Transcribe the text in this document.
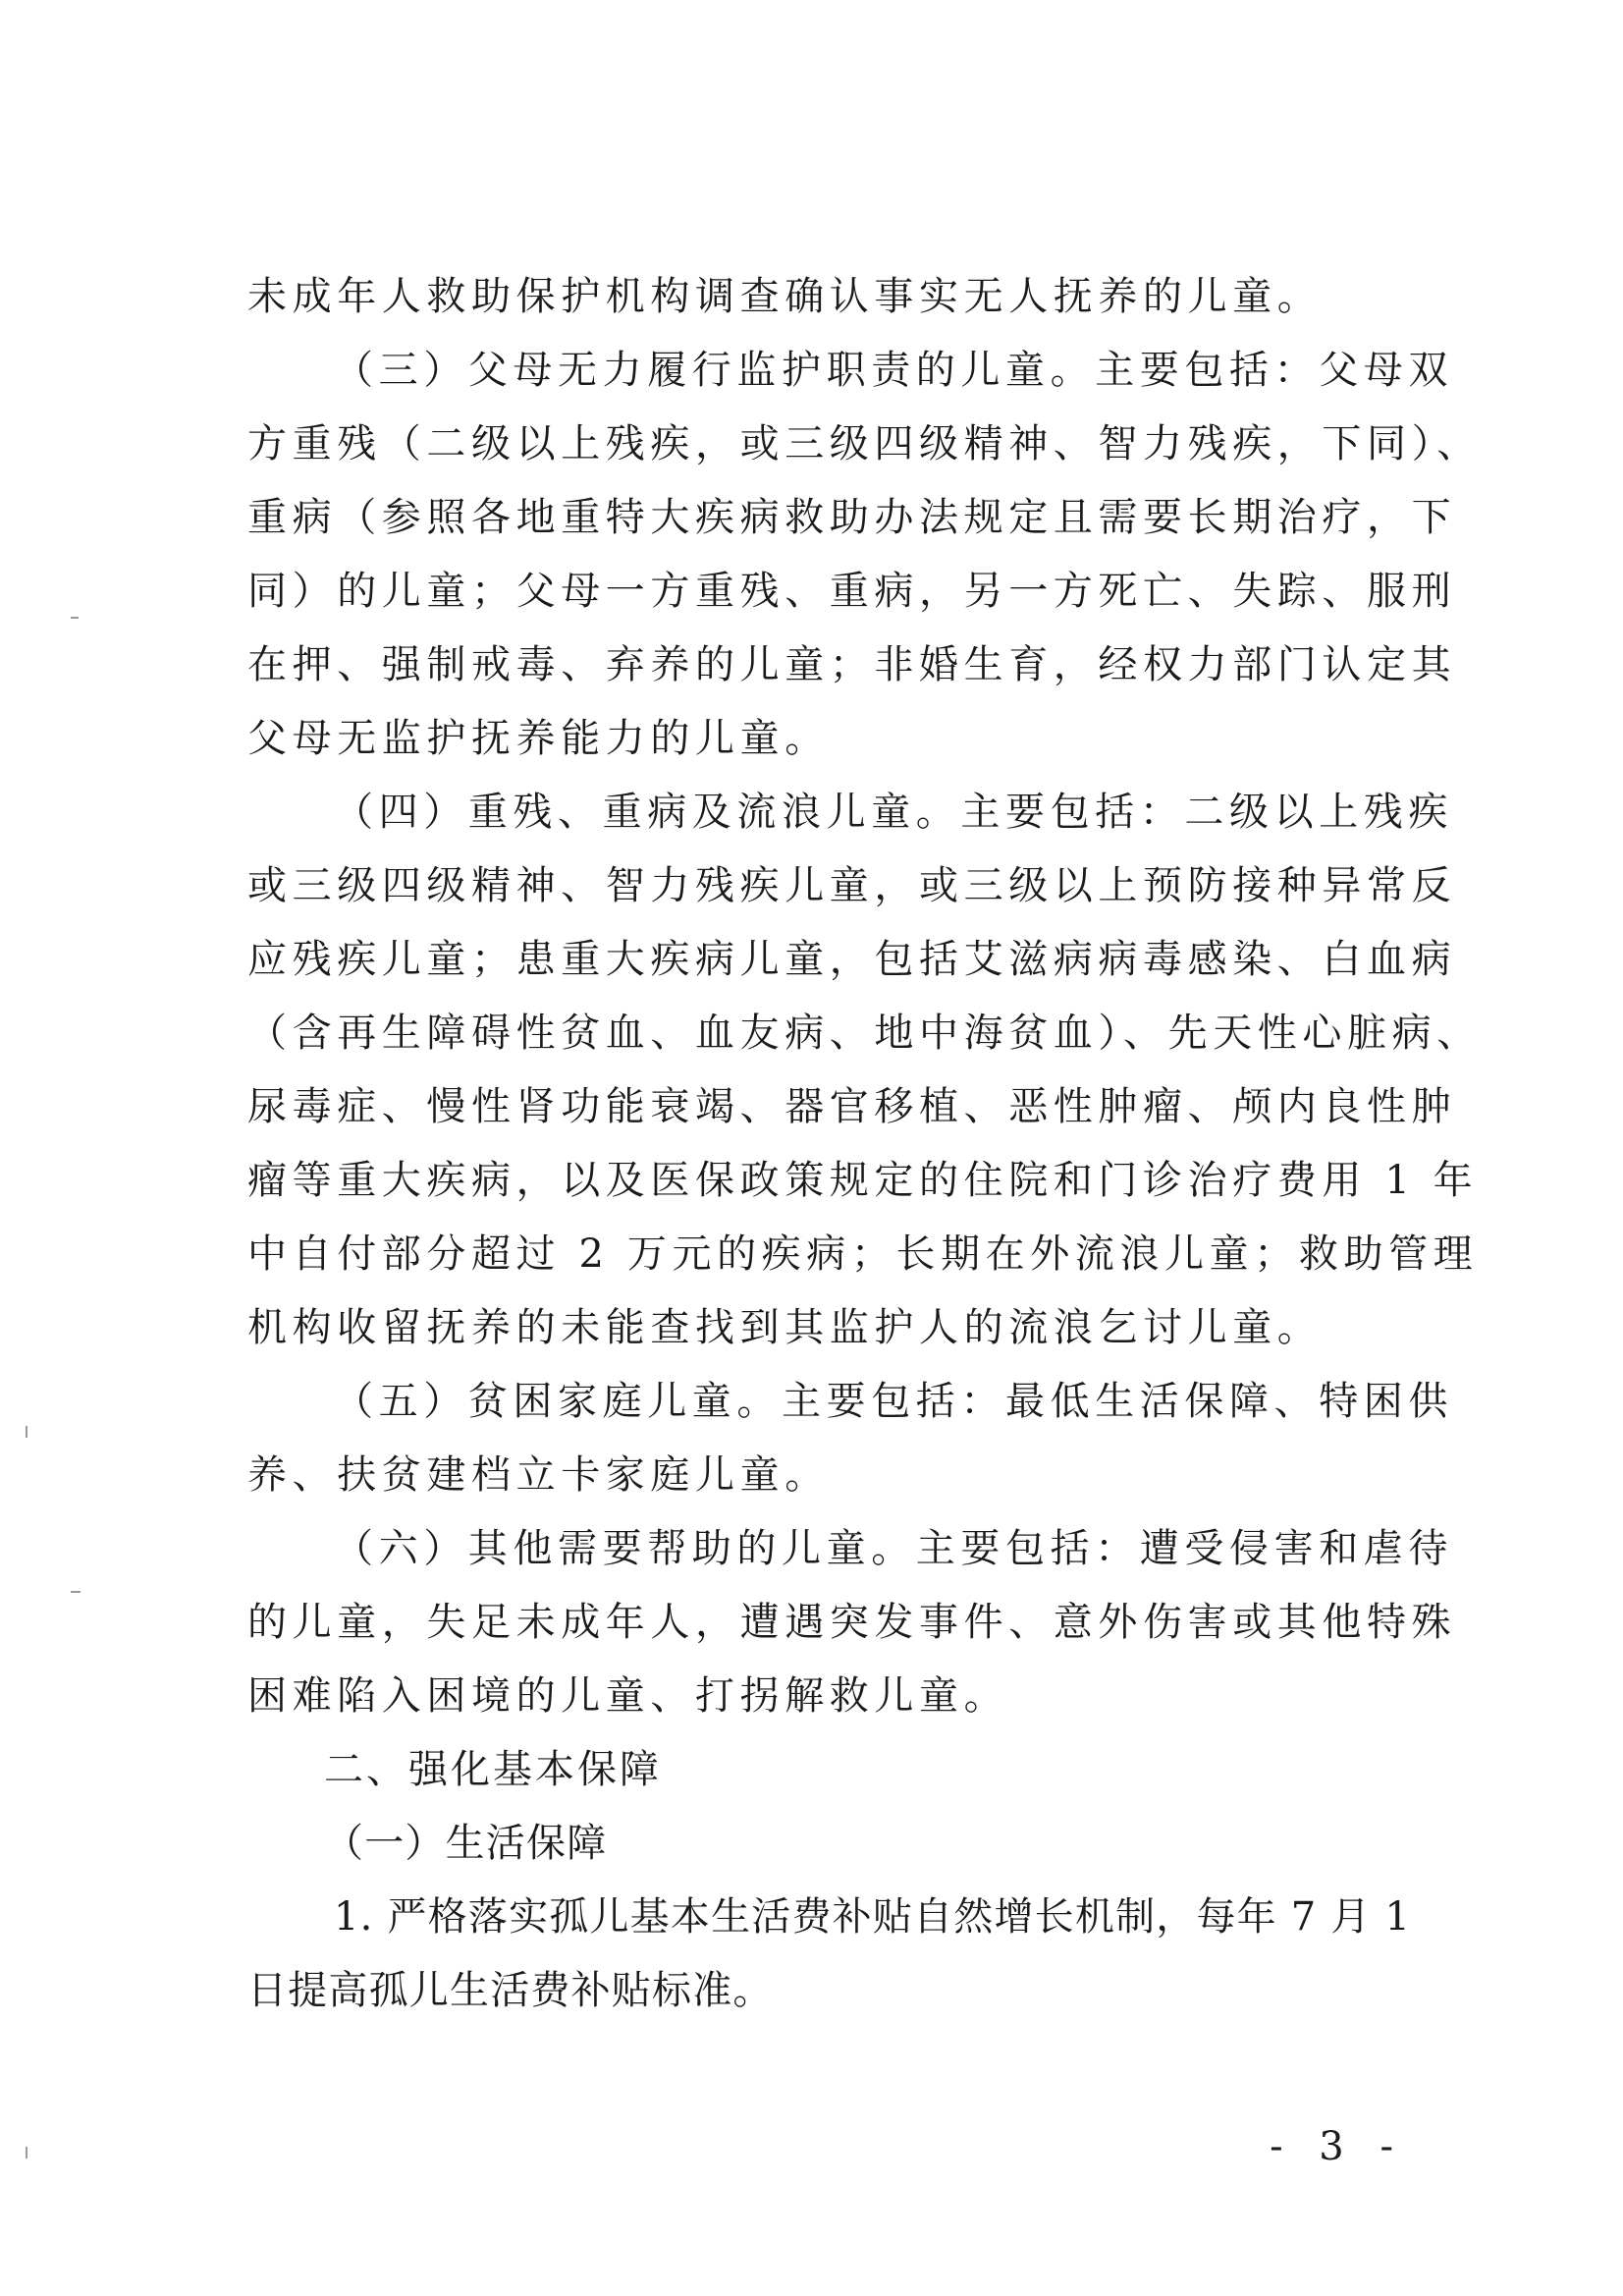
未成年人救助保护机构调查确认事实无人抚养的儿童。
（三）父母无力履行监护职责的儿童。主要包括：父母双
方重残（二级以上残疾，或三级四级精神、智力残疾，下同）、
重病（参照各地重特大疾病救助办法规定且需要长期治疗，下
同）的儿童；父母一方重残、重病，另一方死亡、失踪、服刑
在押、强制戒毒、弃养的儿童；非婚生育，经权力部门认定其
父母无监护抚养能力的儿童。
（四）重残、重病及流浪儿童。主要包括：二级以上残疾
或三级四级精神、智力残疾儿童，或三级以上预防接种异常反
应残疾儿童；患重大疾病儿童，包括艾滋病病毒感染、白血病
（含再生障碍性贫血、血友病、地中海贫血）、先天性心脏病、
尿毒症、慢性肾功能衰竭、器官移植、恶性肿瘤、颅内良性肿
瘤等重大疾病，以及医保政策规定的住院和门诊治疗费用 1 年
中自付部分超过 2 万元的疾病；长期在外流浪儿童；救助管理
机构收留抚养的未能查找到其监护人的流浪乞讨儿童。
（五）贫困家庭儿童。主要包括：最低生活保障、特困供
养、扶贫建档立卡家庭儿童。
（六）其他需要帮助的儿童。主要包括：遭受侵害和虐待
的儿童，失足未成年人，遭遇突发事件、意外伤害或其他特殊
困难陷入困境的儿童、打拐解救儿童。
二、强化基本保障
（一）生活保障
1. 严格落实孤儿基本生活费补贴自然增长机制，每年 7 月 1
日提高孤儿生活费补贴标准。
- 3 -
